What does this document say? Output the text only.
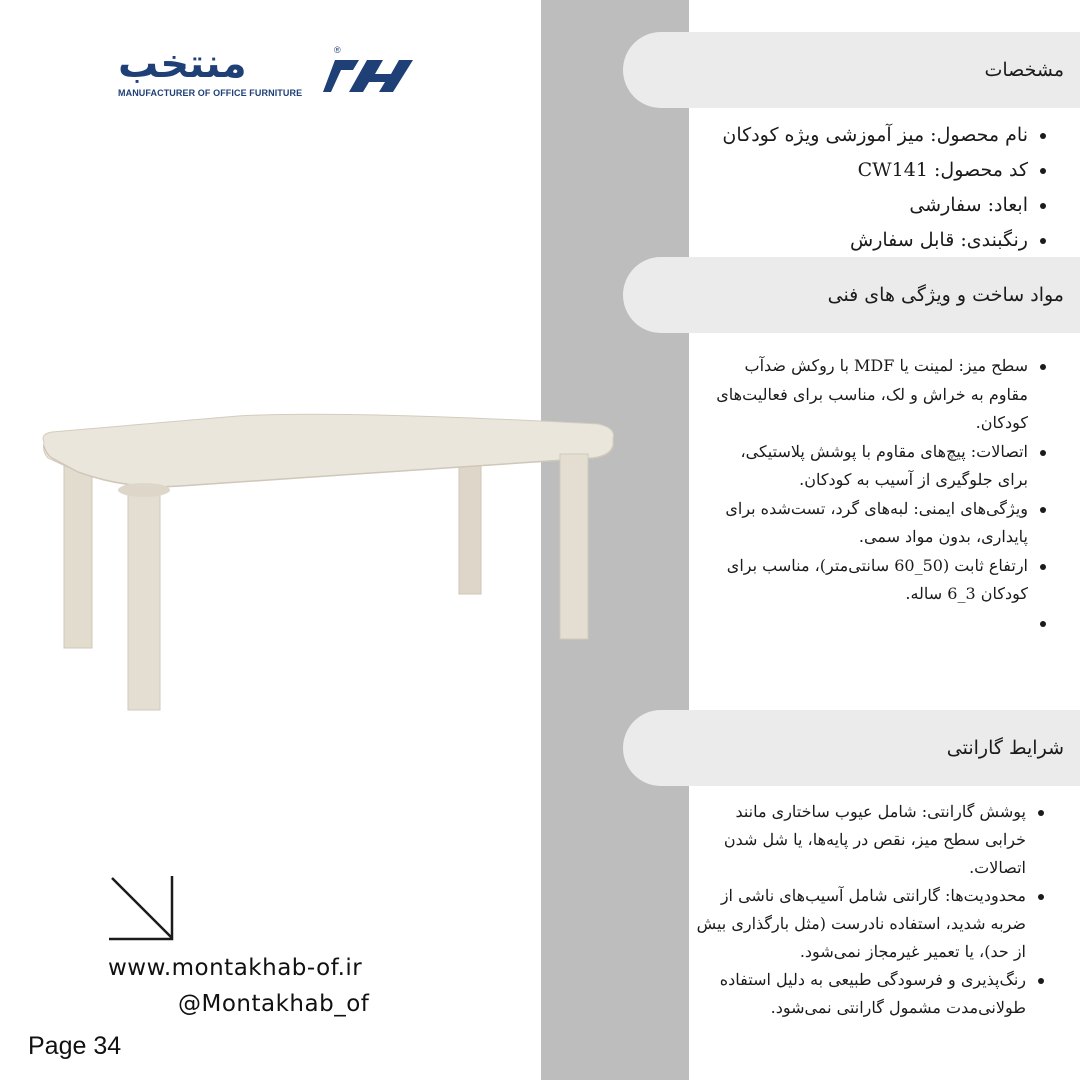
منتخب	®
MANUFACTURER OF OFFICE FURNITURE
www.montakhab-of.ir
@Montakhab_of
Page 34
مشخصات
نام محصول: میز آموزشی ویژه کودکان
کد محصول: CW141
ابعاد: سفارشی
رنگبندی: قابل سفارش
مواد ساخت و ویژگی های فنی
سطح میز: لمینت یا MDF با روکش ضدآب مقاوم به خراش و لک، مناسب برای فعالیت‌های کودکان.
اتصالات: پیچ‌های مقاوم با پوشش پلاستیکی، برای جلوگیری از آسیب به کودکان.
ویژگی‌های ایمنی: لبه‌های گرد، تست‌شده برای پایداری، بدون مواد سمی.
ارتفاع ثابت (50_60 سانتی‌متر)، مناسب برای کودکان 3_6 ساله.
شرایط گارانتی
پوشش گارانتی: شامل عیوب ساختاری مانند خرابی سطح میز، نقص در پایه‌ها، یا شل شدن اتصالات.
محدودیت‌ها: گارانتی شامل آسیب‌های ناشی از ضربه شدید، استفاده نادرست (مثل بارگذاری بیش از حد)، یا تعمیر غیرمجاز نمی‌شود.
رنگ‌پذیری و فرسودگی طبیعی به دلیل استفاده طولانی‌مدت مشمول گارانتی نمی‌شود.
